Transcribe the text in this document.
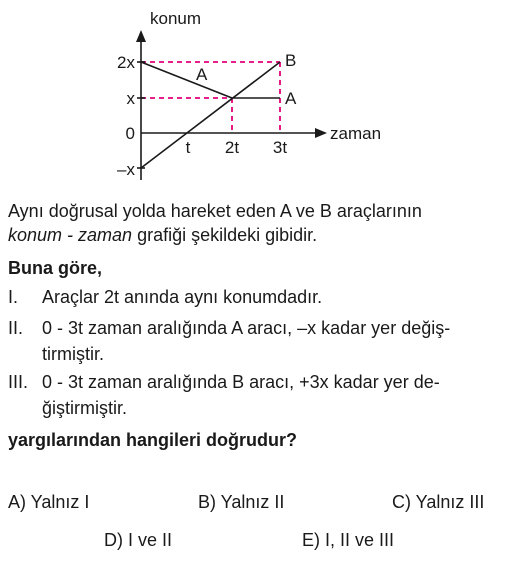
konum
zaman
2x
x
0
–x
t 2t 3t
A
A
B

Aynı doğrusal yolda hareket eden A ve B araçlarının
konum - zaman grafiği şekildeki gibidir.

Buna göre,

I.	Araçlar 2t anında aynı konumdadır.
II.	0 - 3t zaman aralığında A aracı, –x kadar yer değiş-
tirmiştir.
III. 0 - 3t zaman aralığında B aracı, +3x kadar yer de-
ğiştirmiştir.

yargılarından hangileri doğrudur?

A) Yalnız I	B) Yalnız II	C) Yalnız III
D) I ve II	E) I, II ve III
